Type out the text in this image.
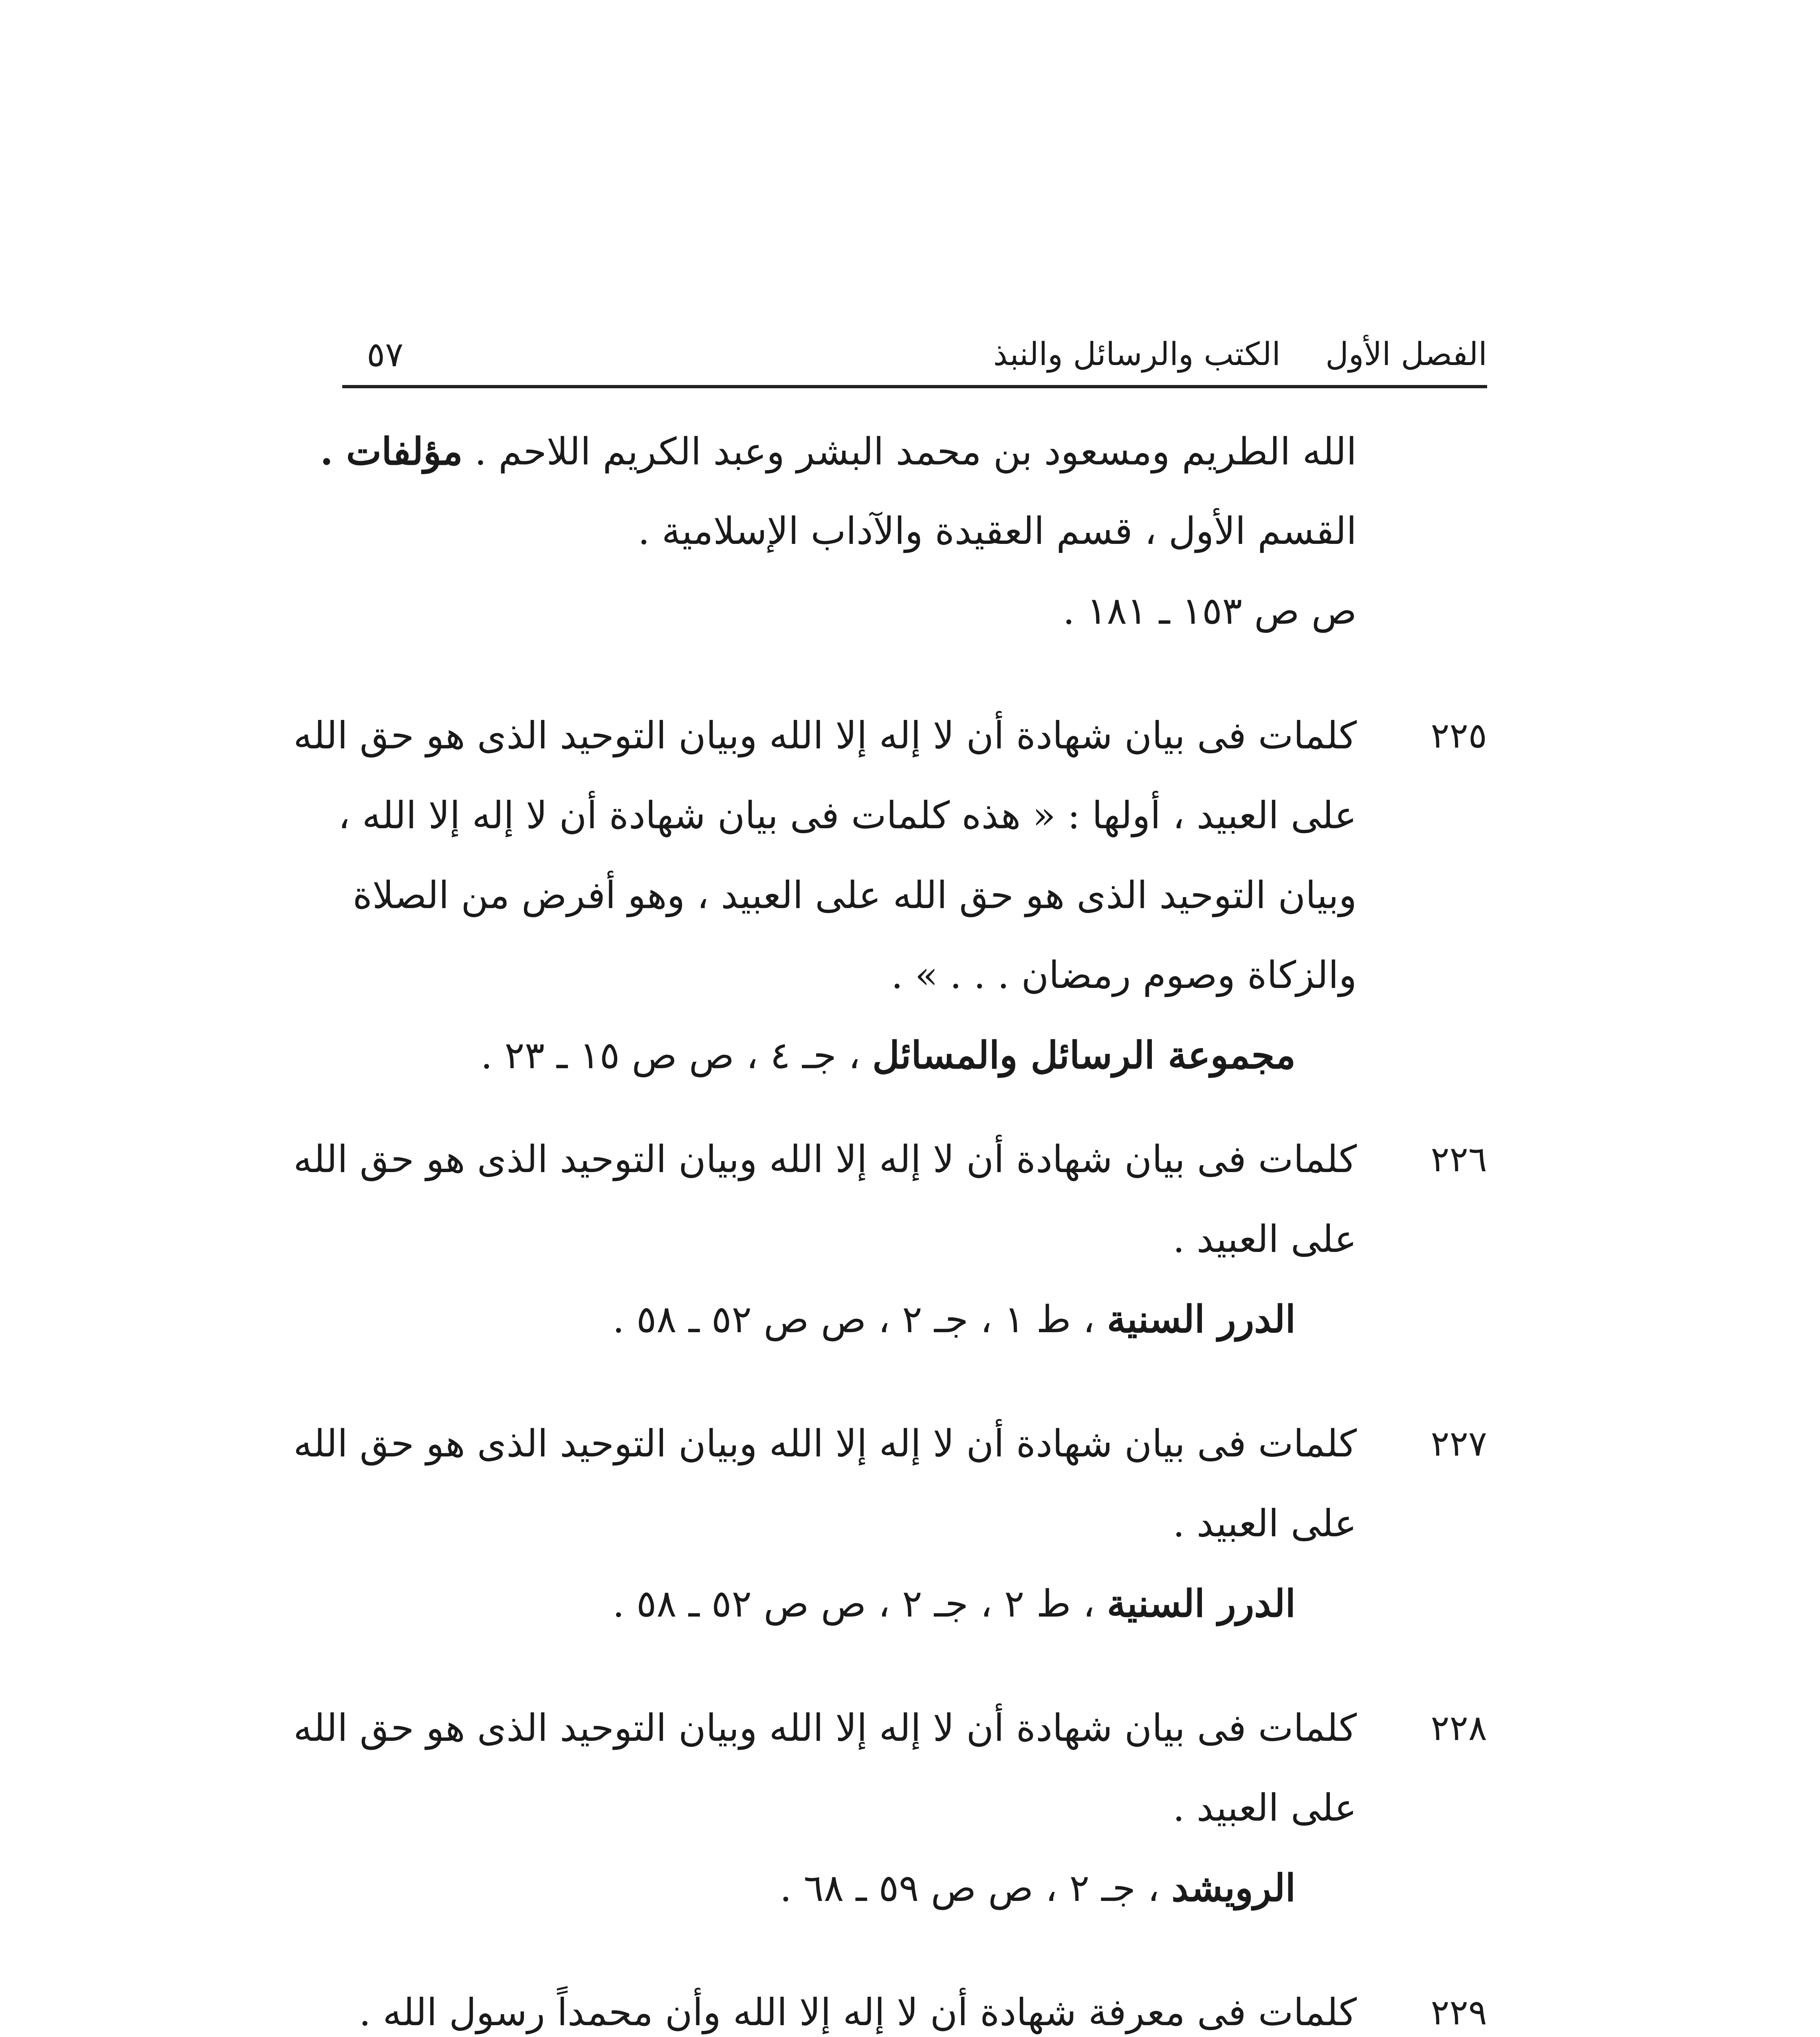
الفصل الأولالكتب والرسائل والنبذ
٥٧
الله الطريم ومسعود بن محمد البشر وعبد الكريم اللاحم . مؤلفات .
القسم الأول ، قسم العقيدة والآداب الإسلامية .
ص ص ١٥٣ ـ ١٨١ .
٢٢٥
كلمات فى بيان شهادة أن لا إله إلا الله وبيان التوحيد الذى هو حق الله
على العبيد ، أولها : « هذه كلمات فى بيان شهادة أن لا إله إلا الله ،
وبيان التوحيد الذى هو حق الله على العبيد ، وهو أفرض من الصلاة
والزكاة وصوم رمضان . . . » .
مجموعة الرسائل والمسائل ، جـ ٤ ، ص ص ١٥ ـ ٢٣ .
٢٢٦
كلمات فى بيان شهادة أن لا إله إلا الله وبيان التوحيد الذى هو حق الله
على العبيد .
الدرر السنية ، ط ١ ، جـ ٢ ، ص ص ٥٢ ـ ٥٨ .
٢٢٧
كلمات فى بيان شهادة أن لا إله إلا الله وبيان التوحيد الذى هو حق الله
على العبيد .
الدرر السنية ، ط ٢ ، جـ ٢ ، ص ص ٥٢ ـ ٥٨ .
٢٢٨
كلمات فى بيان شهادة أن لا إله إلا الله وبيان التوحيد الذى هو حق الله
على العبيد .
الرويشد ، جـ ٢ ، ص ص ٥٩ ـ ٦٨ .
٢٢٩
كلمات فى معرفة شهادة أن لا إله إلا الله وأن محمداً رسول الله .
